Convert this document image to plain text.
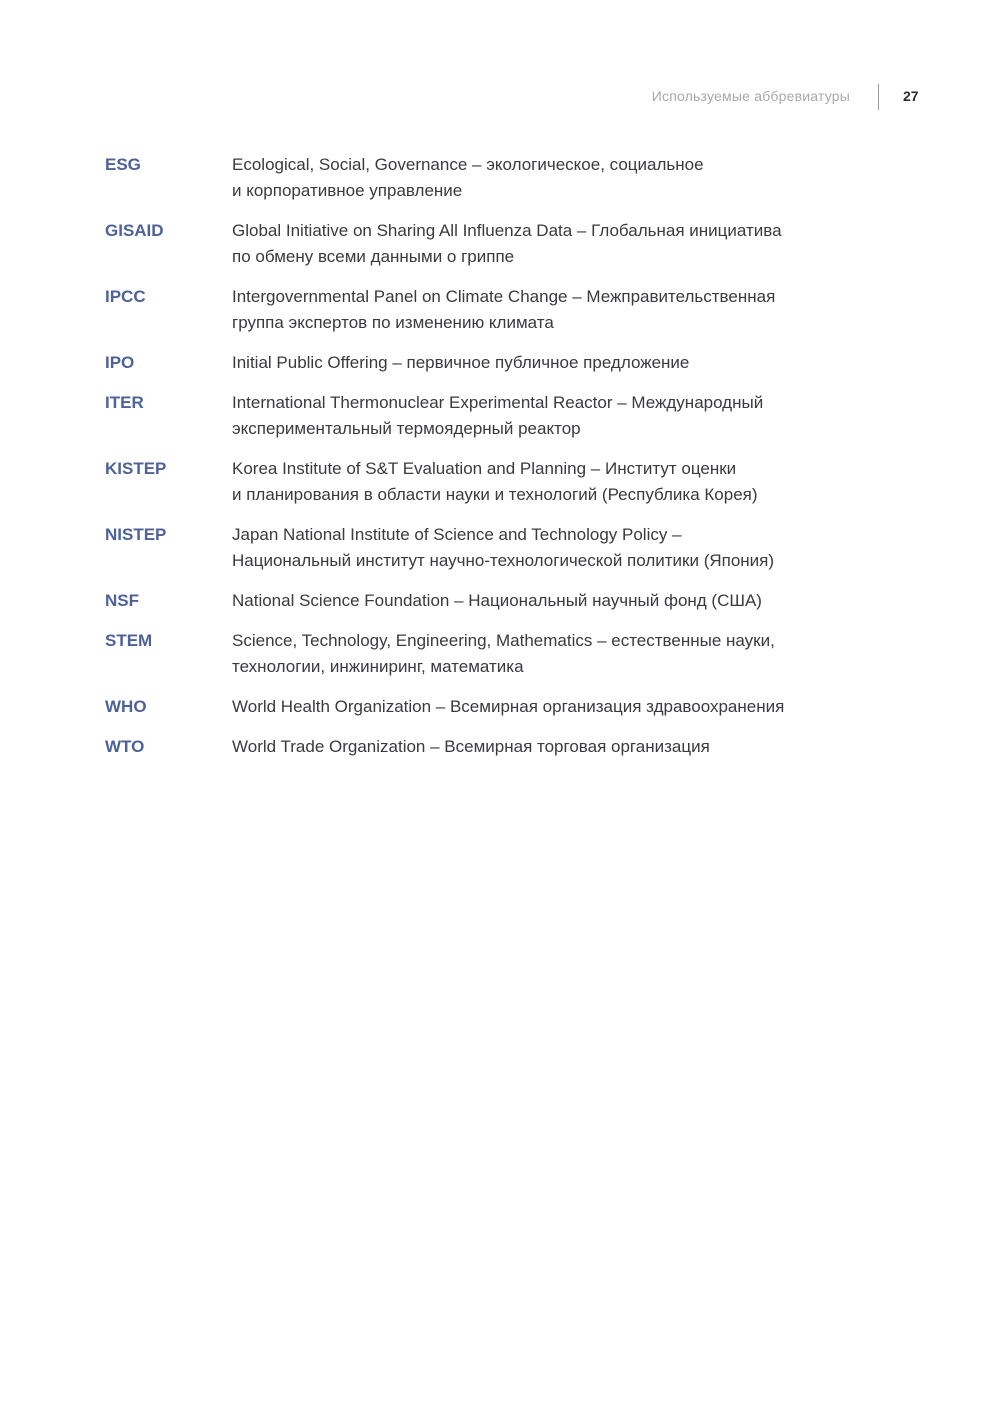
Используемые аббревиатуры	27
ESG	Ecological, Social, Governance – экологическое, социальное
и корпоративное управление
GISAID	Global Initiative on Sharing All Influenza Data – Глобальная инициатива
по обмену всеми данными о гриппе
IPCC	Intergovernmental Panel on Climate Change – Межправительственная
группа экспертов по изменению климата
IPO	Initial Public Offering – первичное публичное предложение
ITER	International Thermonuclear Experimental Reactor – Международный
экспериментальный термоядерный реактор
KISTEP	Korea Institute of S&T Evaluation and Planning – Институт оценки
и планирования в области науки и технологий (Республика Корея)
NISTEP	Japan National Institute of Science and Technology Policy –
Национальный институт научно-технологической политики (Япония)
NSF	National Science Foundation – Национальный научный фонд (США)
STEM	Science, Technology, Engineering, Mathematics – естественные науки,
технологии, инжиниринг, математика
WHO	World Health Organization – Всемирная организация здравоохранения
WTO	World Trade Organization – Всемирная торговая организация
